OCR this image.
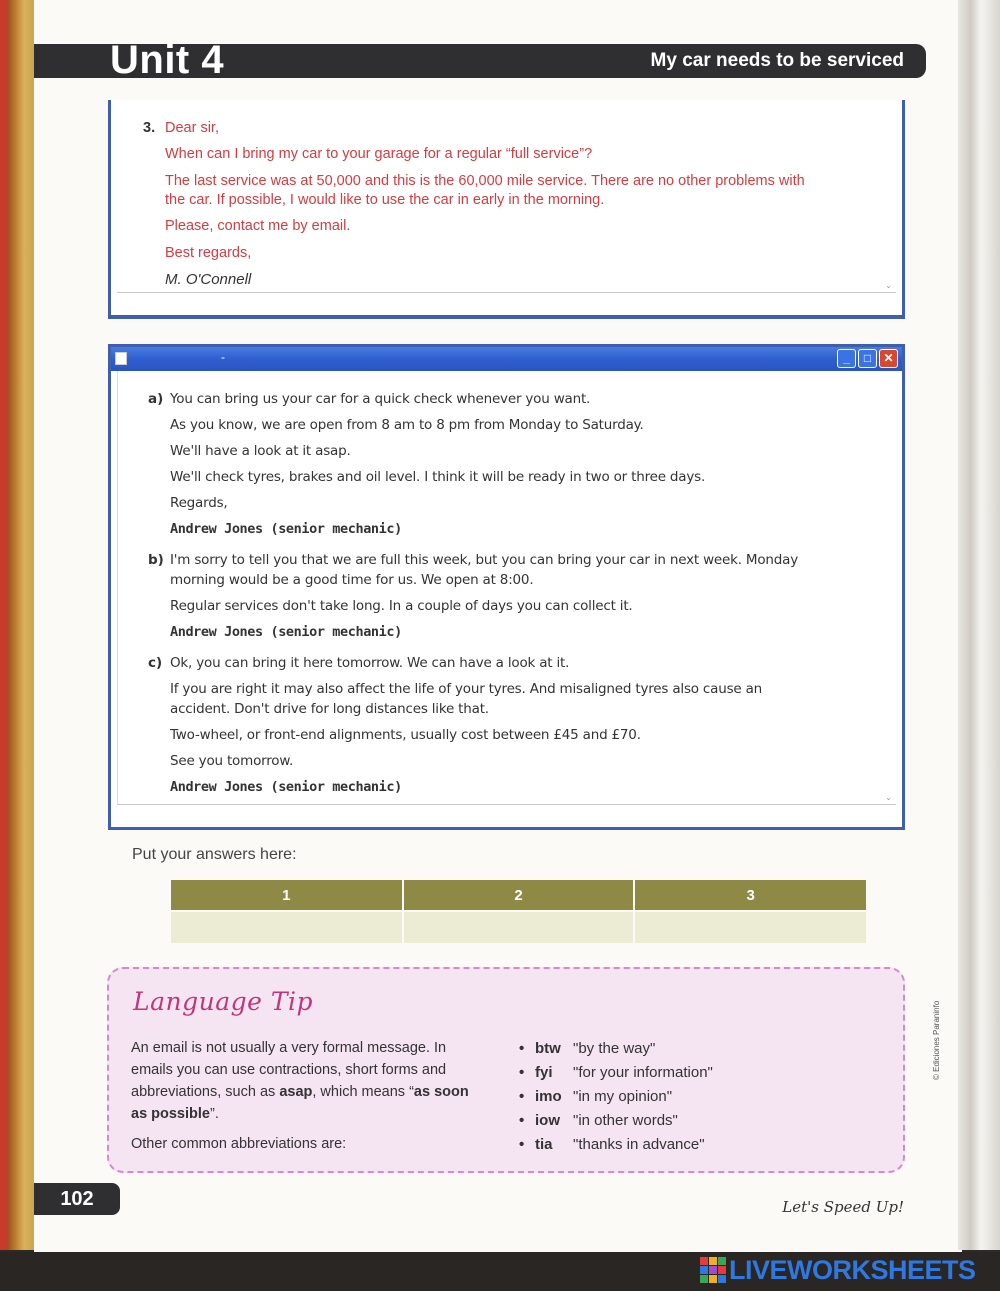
Unit 4	My car needs to be serviced
3. Dear sir,
When can I bring my car to your garage for a regular “full service”?
The last service was at 50,000 and this is the 60,000 mile service. There are no other problems with
the car. If possible, I would like to use the car in early in the morning.
Please, contact me by email.
Best regards,
M. O'Connell	⌄
-	_	□	✕
a) You can bring us your car for a quick check whenever you want.
As you know, we are open from 8 am to 8 pm from Monday to Saturday.
We'll have a look at it asap.
We'll check tyres, brakes and oil level. I think it will be ready in two or three days.
Regards,
Andrew Jones (senior mechanic)
b) I'm sorry to tell you that we are full this week, but you can bring your car in next week. Monday
morning would be a good time for us. We open at 8:00.
Regular services don't take long. In a couple of days you can collect it.
Andrew Jones (senior mechanic)
c) Ok, you can bring it here tomorrow. We can have a look at it.
If you are right it may also affect the life of your tyres. And misaligned tyres also cause an
accident. Don't drive for long distances like that.
Two-wheel, or front-end alignments, usually cost between £45 and £70.
See you tomorrow.
Andrew Jones (senior mechanic)
⌄
Put your answers here:
1	2	3

Language Tip

An email is not usually a very formal message. In emails you can use contractions, short forms and abbreviations, such as asap, which means “as soon as possible”.

Other common abbreviations are:

• btw "by the way"
• fyi "for your information"
• imo "in my opinion"
• iow "in other words"
• tia "thanks in advance"
102	Let's Speed Up!
© Ediciones Paraninfo
LIVEWORKSHEETS
